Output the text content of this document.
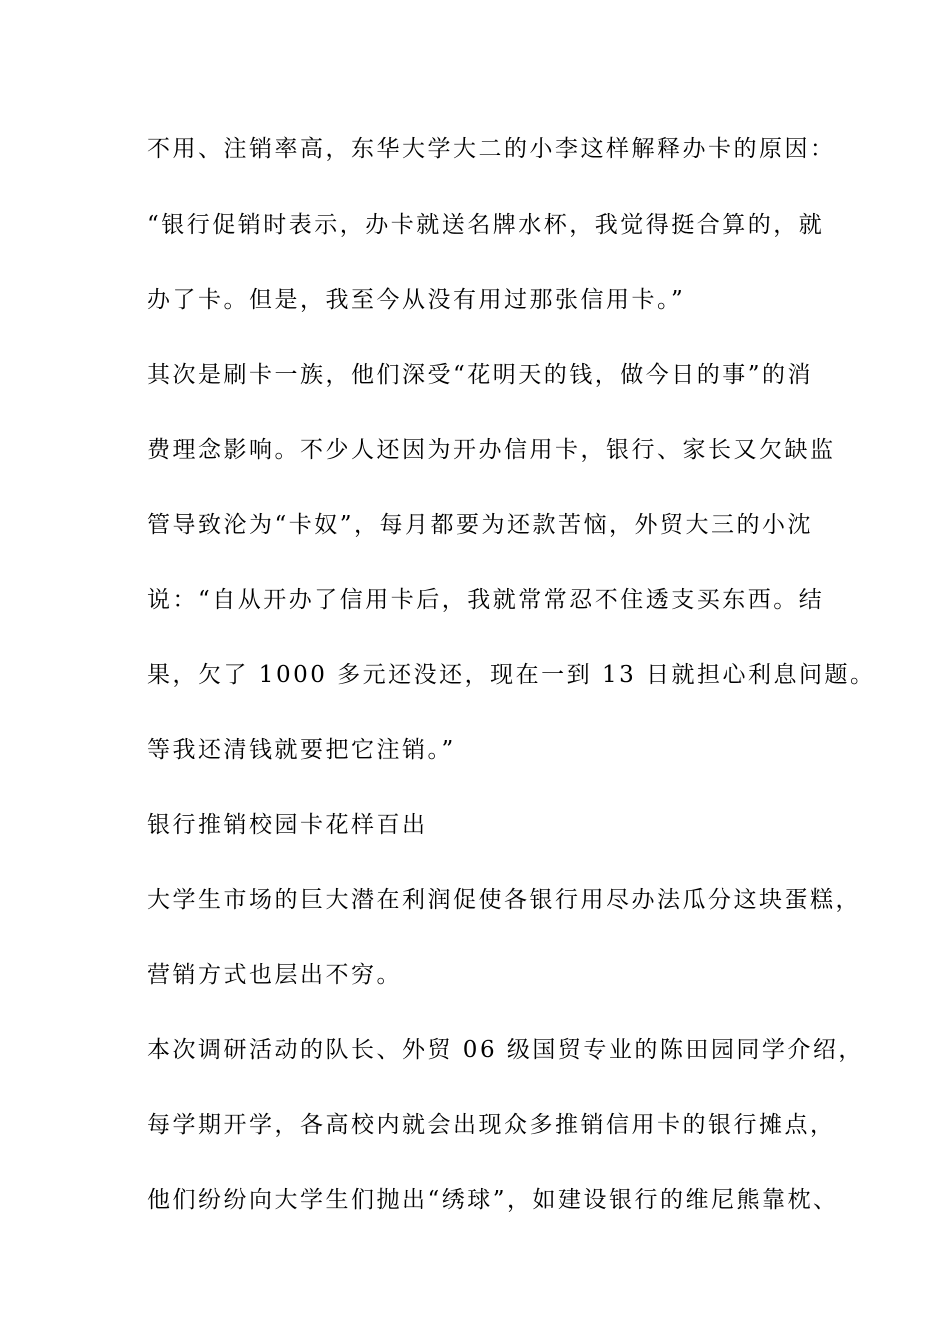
不用、注销率高，东华大学大二的小李这样解释办卡的原因：
“银行促销时表示，办卡就送名牌水杯，我觉得挺合算的，就
办了卡。但是，我至今从没有用过那张信用卡。”
其次是刷卡一族，他们深受“花明天的钱，做今日的事”的消
费理念影响。不少人还因为开办信用卡，银行、家长又欠缺监
管导致沦为“卡奴”，每月都要为还款苦恼，外贸大三的小沈
说：“自从开办了信用卡后，我就常常忍不住透支买东西。结
果，欠了 1000 多元还没还，现在一到 13 日就担心利息问题。
等我还清钱就要把它注销。”
银行推销校园卡花样百出
大学生市场的巨大潜在利润促使各银行用尽办法瓜分这块蛋糕，
营销方式也层出不穷。
本次调研活动的队长、外贸 06 级国贸专业的陈田园同学介绍，
每学期开学，各高校内就会出现众多推销信用卡的银行摊点，
他们纷纷向大学生们抛出“绣球”，如建设银行的维尼熊靠枕、
